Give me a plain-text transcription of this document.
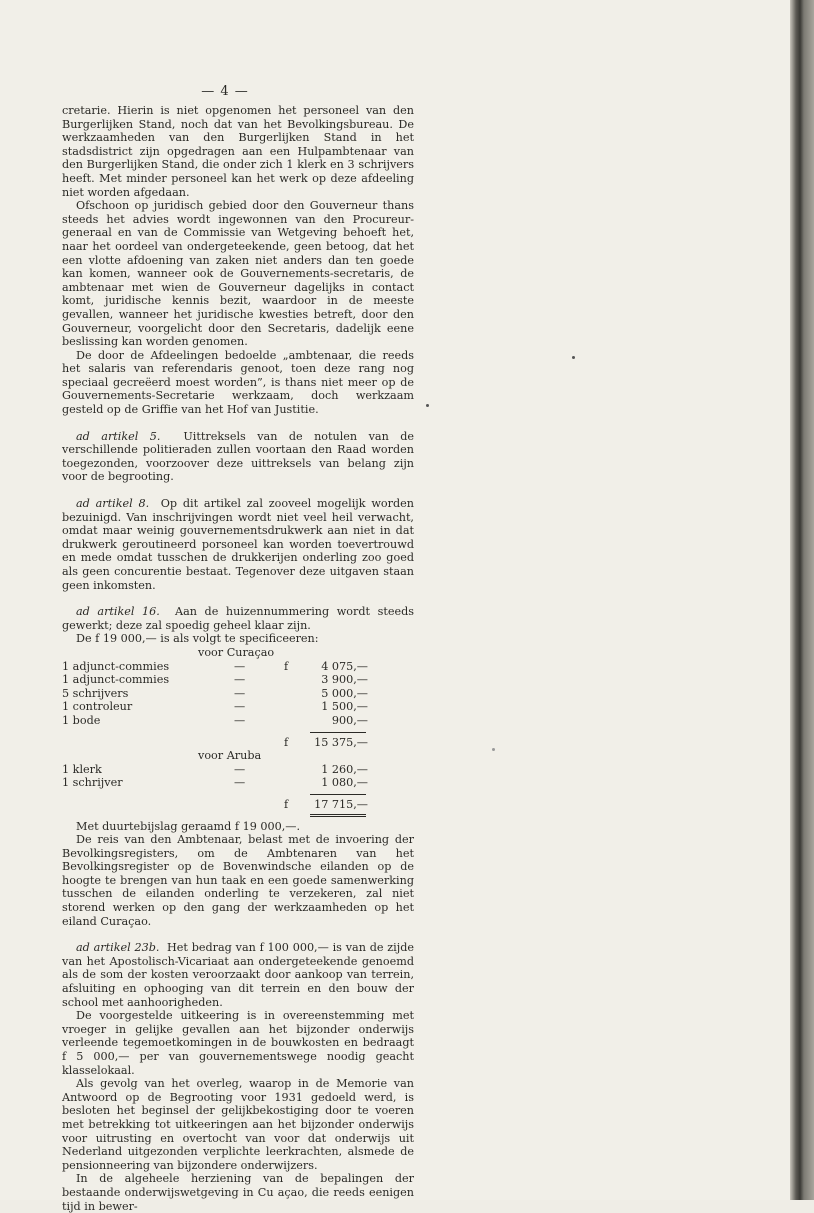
— 4 —

cretarie. Hierin is niet opgenomen het personeel van den Burgerlijken Stand, noch dat van het Bevolkingsbureau. De werkzaamheden van den Burgerlijken Stand in het stadsdistrict zijn opgedragen aan een Hulpambtenaar van den Burgerlijken Stand, die onder zich 1 klerk en 3 schrijvers heeft. Met minder personeel kan het werk op deze afdeeling niet worden afgedaan.

Ofschoon op juridisch gebied door den Gouverneur thans steeds het advies wordt ingewonnen van den Procureur-generaal en van de Commissie van Wetgeving behoeft het, naar het oordeel van ondergeteekende, geen betoog, dat het een vlotte afdoening van zaken niet anders dan ten goede kan komen, wanneer ook de Gouvernements-secretaris, de ambtenaar met wien de Gouverneur dagelijks in contact komt, juridische kennis bezit, waardoor in de meeste gevallen, wanneer het juridische kwesties betreft, door den Gouverneur, voorgelicht door den Secretaris, dadelijk eene beslissing kan worden genomen.

De door de Afdeelingen bedoelde „ambtenaar, die reeds het salaris van referendaris genoot, toen deze rang nog speciaal gecreëerd moest worden”, is thans niet meer op de Gouvernements-Secretarie werkzaam, doch werkzaam gesteld op de Griffie van het Hof van Justitie.

ad artikel 5. Uittreksels van de notulen van de verschillende politieraden zullen voortaan den Raad worden toegezonden, voorzoover deze uittreksels van belang zijn voor de begrooting.

ad artikel 8. Op dit artikel zal zooveel mogelijk worden bezuinigd. Van inschrijvingen wordt niet veel heil verwacht, omdat maar weinig gouvernementsdrukwerk aan niet in dat drukwerk geroutineerd porsoneel kan worden toevertrouwd en mede omdat tusschen de drukkerijen onderling zoo goed als geen concurentie bestaat. Tegenover deze uitgaven staan geen inkomsten.

ad artikel 16. Aan de huizennummering wordt steeds gewerkt; deze zal spoedig geheel klaar zijn.

De f 19 000,— is als volgt te specificeeren:

voor Curaçao

1 adjunct-commies	—	f	4 075,—
1 adjunct-commies	—	3 900,—
5 schrijvers	—	5 000,—
1 controleur	—	1 500,—
1 bode	—	900,—
f	15 375,—

voor Aruba

1 klerk	—	1 260,—
1 schrijver	—	1 080,—
f	17 715,—

Met duurtebijslag geraamd f 19 000,—.

De reis van den Ambtenaar, belast met de invoering der Bevolkingsregisters, om de Ambtenaren van het Bevolkingsregister op de Bovenwindsche eilanden op de hoogte te brengen van hun taak en een goede samenwerking tusschen de eilanden onderling te verzekeren, zal niet storend werken op den gang der werkzaamheden op het eiland Curaçao.

ad artikel 23b. Het bedrag van f 100 000,— is van de zijde van het Apostolisch-Vicariaat aan ondergeteekende genoemd als de som der kosten veroorzaakt door aankoop van terrein, afsluiting en ophooging van dit terrein en den bouw der school met aanhoorigheden.

De voorgestelde uitkeering is in overeenstemming met vroeger in gelijke gevallen aan het bijzonder onderwijs verleende tegemoetkomingen in de bouwkosten en bedraagt f 5 000,— per van gouvernementswege noodig geacht klasselokaal.

Als gevolg van het overleg, waarop in de Memorie van Antwoord op de Begrooting voor 1931 gedoeld werd, is besloten het beginsel der gelijkbekostiging door te voeren met betrekking tot uitkeeringen aan het bijzonder onderwijs voor uitrusting en overtocht van voor dat onderwijs uit Nederland uitgezonden verplichte leerkrachten, alsmede de pensionneering van bijzondere onderwijzers.

In de algeheele herziening van de bepalingen der bestaande onderwijswetgeving in Cu açao, die reeds eenigen tijd in bewer-
